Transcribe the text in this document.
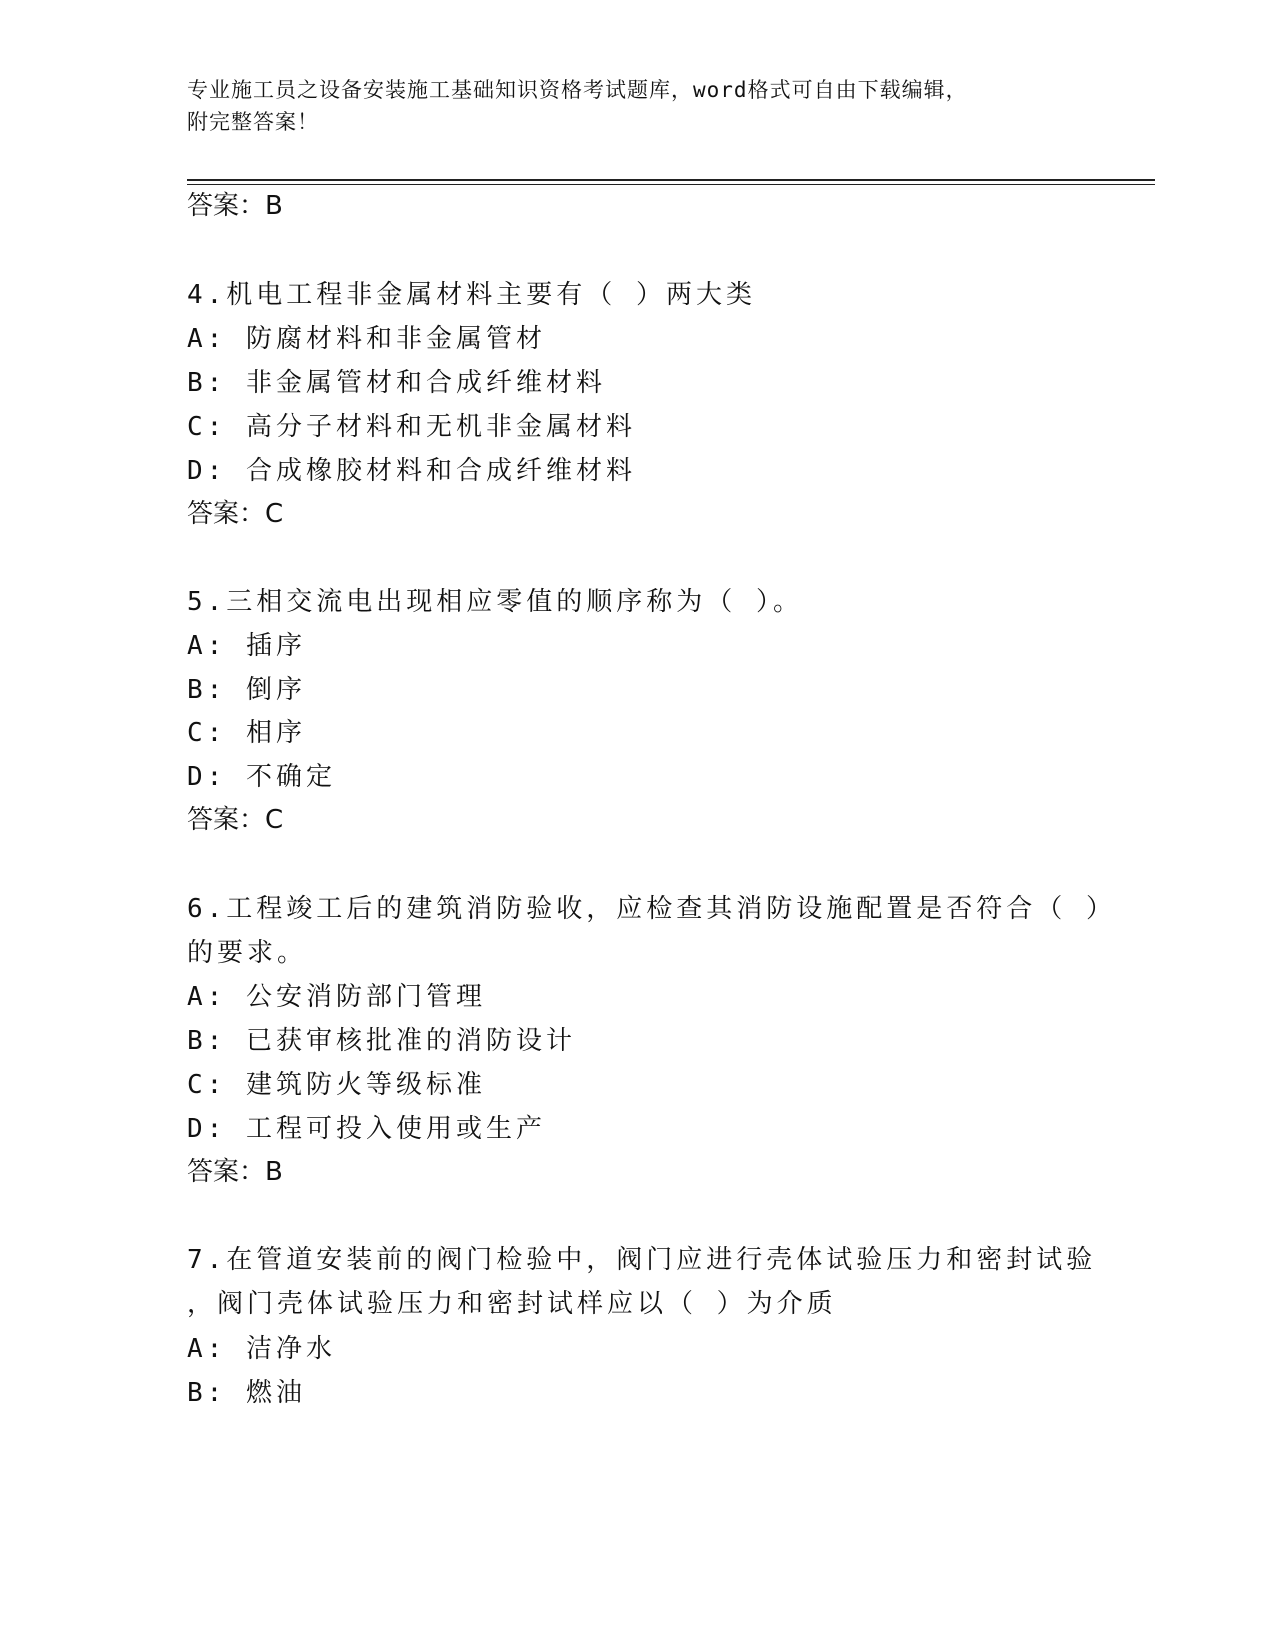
专业施工员之设备安装施工基础知识资格考试题库，word格式可自由下载编辑，
附完整答案！
答案：B
4.机电工程非金属材料主要有（ ）两大类
A: 防腐材料和非金属管材
B: 非金属管材和合成纤维材料
C: 高分子材料和无机非金属材料
D: 合成橡胶材料和合成纤维材料
答案：C
5.三相交流电出现相应零值的顺序称为（ ）。
A: 插序
B: 倒序
C: 相序
D: 不确定
答案：C
6.工程竣工后的建筑消防验收，应检查其消防设施配置是否符合（ ）
的要求。
A: 公安消防部门管理
B: 已获审核批准的消防设计
C: 建筑防火等级标准
D: 工程可投入使用或生产
答案：B
7.在管道安装前的阀门检验中，阀门应进行壳体试验压力和密封试验
，阀门壳体试验压力和密封试样应以（ ）为介质
A: 洁净水
B: 燃油
